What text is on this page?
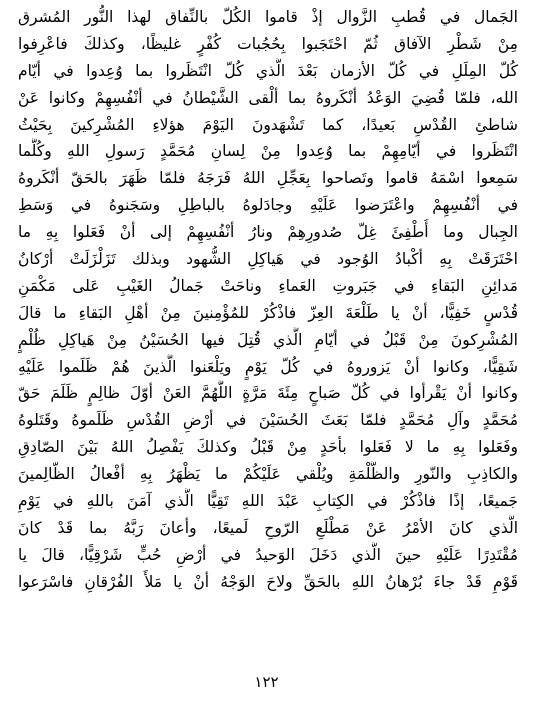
الجَمال في قُطبِ الزَّوال إذْ قاموا الكُلّ بالنِّفاق لهذا النُّور المُشرق
مِنْ شَطْرِ الآفاق ثُمّ احْتَجَبوا بِحُجُبات كُفْرٍ غليظًا، وكذلكَ فاعْرِفوا
كُلّ المِلَلِ في كُلّ الأزمان بَعْدَ الَّذي كُلّ انْتَظَروا بما وُعِدوا في أيّام
الله، فلمّا قُضِيَ الوَعْدُ أنْكَروهُ بما ألْقى الشَّيْطانُ في أنْفُسِهِمْ وكانوا عَنْ
شاطئِ القُدْسِ بَعيدًا، كما تَشْهَدونَ اليَوْمَ هؤلاءِ المُشْرِكينَ بِحَيْثُ
انْتَظَروا في أيّامِهِمْ بما وُعِدوا مِنْ لِسانِ مُحَمَّدٍ رَسولِ اللهِ وكُلَّما
سَمِعوا اسْمَهُ قاموا وتَصاحوا بِعَجِّلِ اللهُ فَرَجَهُ فلمّا ظَهَرَ بالحَقّ أنْكَروهُ
في أنْفُسِهِمْ واعْتَرَضوا عَلَيْهِ وجادَلوهُ بالباطِلِ وسَجَنوهُ في وَسَطِ
الجِبال وما أُطْفِئَ غِلّ صُدورِهِمْ ونارُ أنْفُسِهِمْ إلى أنْ فَعَلوا بِهِ ما
احْتَرَقَتْ بِهِ أكْبادُ الوُجود في هَياكِلِ الشُّهود وبذلك تَزَلْزَلَتْ أرْكانُ
مَدائِنِ البَقاءِ في جَبَروتِ العَماءِ وناحَتْ جَمالُ الغَيْبِ عَلى مَكْمَنِ
قُدْسٍ خَفِيًّا، أنْ يا طَلْعَةَ العِزّ فاذْكُرْ للمُؤْمِنينَ مِنْ أهْلِ البَقاءِ ما قالَ
المُشْرِكونَ مِنْ قَبْلُ في أيّامِ الَّذي قُتِلَ فيها الحُسَيْنُ مِنْ هَياكِلِ ظُلْمٍ
شَقِيًّا، وكانوا أنْ يَزوروهُ في كُلّ يَوْمٍ ويَلْعَنوا الَّذينَ هُمْ ظَلَموا عَلَيْهِ
وكانوا أنْ يَقْرأوا في كُلّ صَباحٍ مِئَةَ مَرَّةٍ اللَّهُمَّ العَنْ أوّلَ ظالِمٍ ظَلَمَ حَقّ
مُحَمَّدٍ وآلِ مُحَمَّدٍ فلمّا بَعَثَ الحُسَيْنَ في أرْضِ القُدْسِ ظَلَموهُ وقَتَلوهُ
وفَعَلوا بِهِ ما لا فَعَلوا بأحَدٍ مِنْ قَبْلُ وكذلكَ يَفْصِلُ اللهُ بَيْنَ الصّادِقِ
والكاذِبِ والنّورِ والظُّلْمَةِ ويُلْقي عَلَيْكُمْ ما يَظْهَرُ بِهِ أفْعالُ الظّالِمينَ
جَميعًا، إذًا فاذْكُرْ في الكِتابِ عَبْدَ اللهِ تَقِيًّا الَّذي آمَنَ باللهِ في يَوْمِ
الَّذي كانَ الأمْرُ عَنْ مَطْلَعِ الرّوحِ لَميعًا، وأعانَ رَبَّهُ بما قَدْ كانَ
مُقْتَدِرًا عَلَيْهِ حينَ الَّذي دَخَلَ الوَحيدُ في أرْضِ حُبٍّ شَرْقِيًّا، قالَ يا
قَوْمِ قَدْ جاءَ بُرْهانُ اللهِ بالحَقِّ ولاحَ الوَجْهُ أنْ يا مَلأَ الفُرْقانِ فاسْرَعوا
١٢٢
